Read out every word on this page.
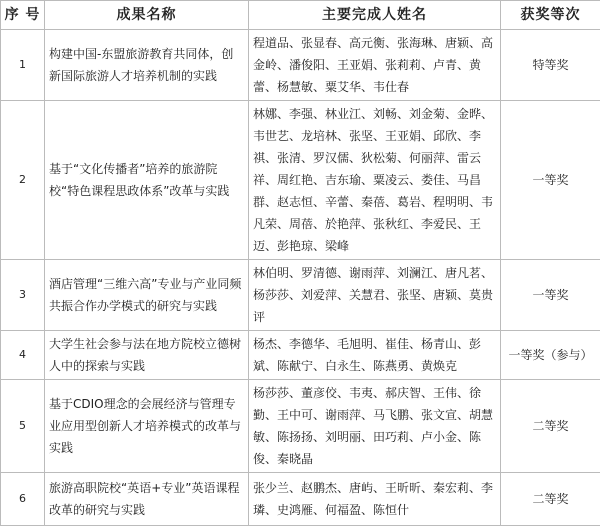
序 号	成果名称	主要完成人姓名	获奖等次
1	构建中国-东盟旅游教育共同体，创新国际旅游人才培养机制的实践	程道品、张显春、高元衡、张海琳、唐颖、高金岭、潘俊阳、王亚娟、张莉莉、卢青、黄蕾、杨慧敏、粟艾华、韦仕春	特等奖
2	基于“文化传播者”培养的旅游院校“特色课程思政体系”改革与实践	林娜、李强、林业江、刘畅、刘金菊、金晔、韦世艺、龙培林、张坚、王亚娟、邱欣、李祺、张清、罗汉儒、狄松菊、何丽萍、雷云祥、周红艳、吉东瑜、粟凌云、娄佳、马昌群、赵志恒、辛蕾、秦蓓、葛岩、程明明、韦凡荣、周蓓、於艳萍、张秋红、李爱民、王迈、彭艳琼、梁峰	一等奖
3	酒店管理“三维六高”专业与产业同频共振合作办学模式的研究与实践	林伯明、罗清德、谢雨萍、刘澜江、唐凡茗、杨莎莎、刘爱萍、关慧君、张坚、唐颖、莫贵评	一等奖
4	大学生社会参与法在地方院校立德树人中的探索与实践	杨杰、李德华、毛旭明、崔佳、杨青山、彭斌、陈献宁、白永生、陈燕勇、黄焕克	一等奖（参与）
5	基于CDIO理念的会展经济与管理专业应用型创新人才培养模式的改革与实践	杨莎莎、董彦佼、韦夷、郝庆智、王伟、徐勤、王中可、谢雨萍、马飞鹏、张文宣、胡慧敏、陈扬扬、刘明丽、田巧莉、卢小金、陈俊、秦晓晶	二等奖
6	旅游高职院校“英语+专业”英语课程改革的研究与实践	张少兰、赵鹏杰、唐屿、王昕昕、秦宏莉、李璘、史鸿雁、何福盈、陈恒什	二等奖
